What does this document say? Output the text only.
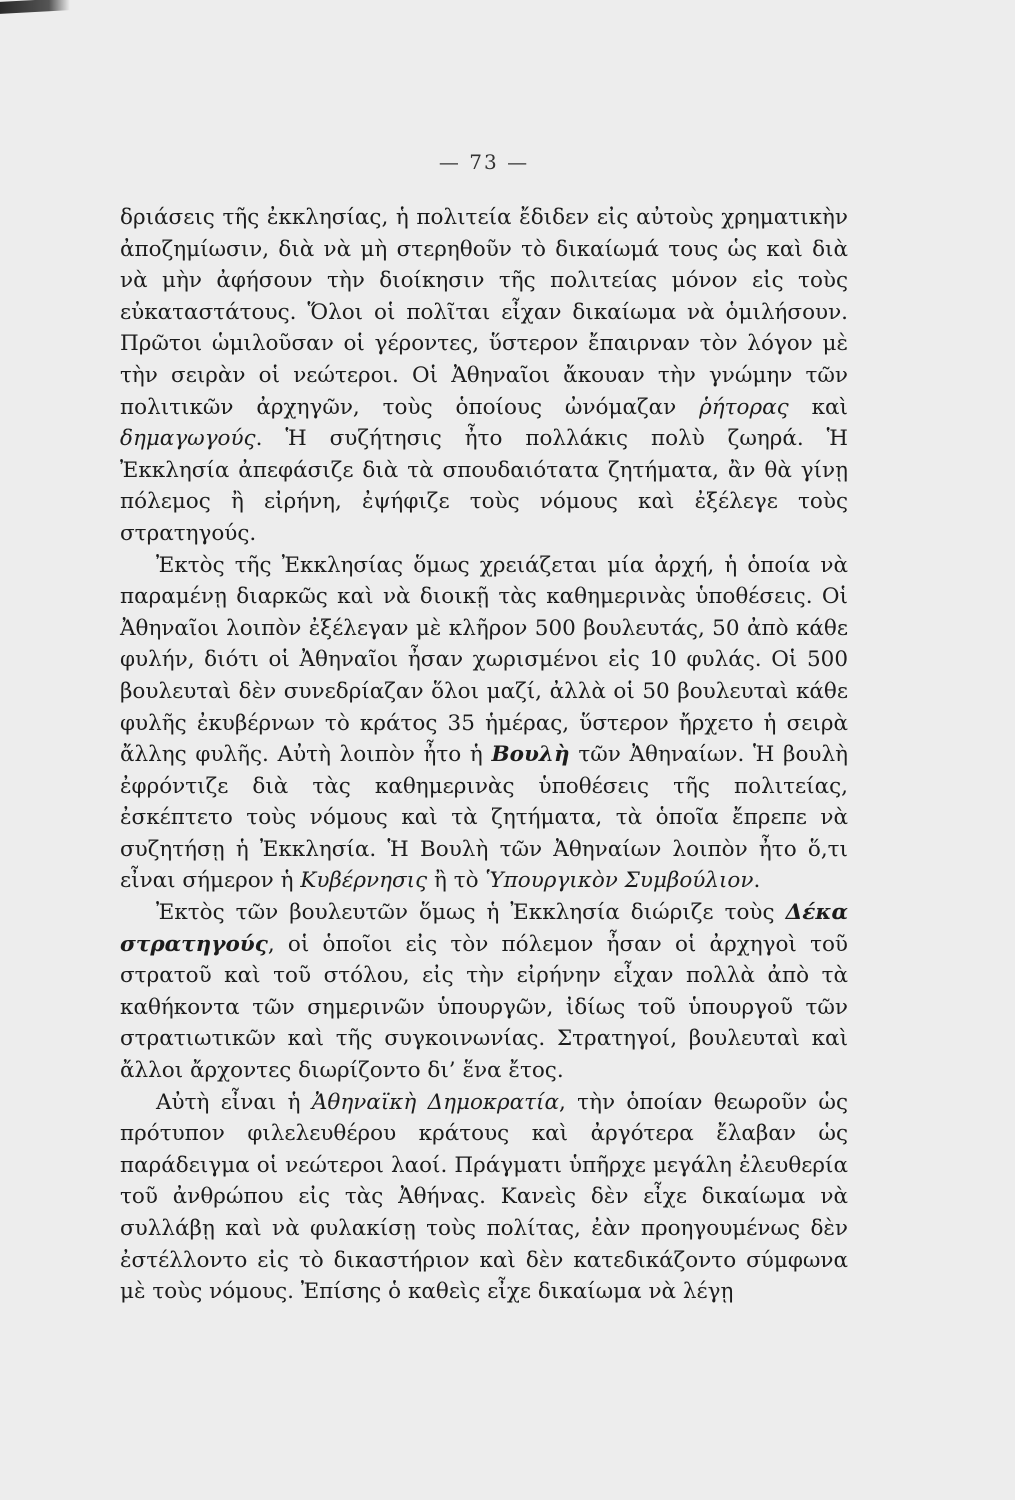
— 73 —

δριάσεις τῆς ἐκκλησίας, ἡ πολιτεία ἔδιδεν εἰς αὐτοὺς χρηματικὴν ἀποζημίωσιν, διὰ νὰ μὴ στερηθοῦν τὸ δικαίωμά τους ὡς καὶ διὰ νὰ μὴν ἀφήσουν τὴν διοίκησιν τῆς πολιτείας μόνον εἰς τοὺς εὐκαταστάτους. Ὅλοι οἱ πολῖται εἶχαν δικαίωμα νὰ ὁμιλήσουν. Πρῶτοι ὡμιλοῦσαν οἱ γέροντες, ὕστερον ἔπαιρναν τὸν λόγον μὲ τὴν σειρὰν οἱ νεώτεροι. Οἱ Ἀθηναῖοι ἄκουαν τὴν γνώμην τῶν πολιτικῶν ἀρχηγῶν, τοὺς ὁποίους ὠνόμαζαν ῥήτορας καὶ δημαγωγούς. Ἡ συζήτησις ἦτο πολλάκις πολὺ ζωηρά. Ἡ Ἐκκλησία ἀπεφάσιζε διὰ τὰ σπουδαιότατα ζητήματα, ἂν θὰ γίνῃ πόλεμος ἢ εἰρήνη, ἐψήφιζε τοὺς νόμους καὶ ἐξέλεγε τοὺς στρατηγούς.

Ἐκτὸς τῆς Ἐκκλησίας ὅμως χρειάζεται μία ἀρχή, ἡ ὁποία νὰ παραμένῃ διαρκῶς καὶ νὰ διοικῇ τὰς καθημερινὰς ὑποθέσεις. Οἱ Ἀθηναῖοι λοιπὸν ἐξέλεγαν μὲ κλῆρον 500 βουλευτάς, 50 ἀπὸ κάθε φυλήν, διότι οἱ Ἀθηναῖοι ἦσαν χωρισμένοι εἰς 10 φυλάς. Οἱ 500 βουλευταὶ δὲν συνεδρίαζαν ὅλοι μαζί, ἀλλὰ οἱ 50 βουλευταὶ κάθε φυλῆς ἐκυβέρνων τὸ κράτος 35 ἡμέρας, ὕστερον ἤρχετο ἡ σειρὰ ἄλλης φυλῆς. Αὐτὴ λοιπὸν ἦτο ἡ Βουλὴ τῶν Ἀθηναίων. Ἡ βουλὴ ἐφρόντιζε διὰ τὰς καθημερινὰς ὑποθέσεις τῆς πολιτείας, ἐσκέπτετο τοὺς νόμους καὶ τὰ ζητήματα, τὰ ὁποῖα ἔπρεπε νὰ συζητήσῃ ἡ Ἐκκλησία. Ἡ Βουλὴ τῶν Ἀθηναίων λοιπὸν ἦτο ὅ,τι εἶναι σήμερον ἡ Κυβέρνησις ἢ τὸ Ὑπουργικὸν Συμβούλιον.

Ἐκτὸς τῶν βουλευτῶν ὅμως ἡ Ἐκκλησία διώριζε τοὺς Δέκα στρατηγούς, οἱ ὁποῖοι εἰς τὸν πόλεμον ἦσαν οἱ ἀρχηγοὶ τοῦ στρατοῦ καὶ τοῦ στόλου, εἰς τὴν εἰρήνην εἶχαν πολλὰ ἀπὸ τὰ καθήκοντα τῶν σημερινῶν ὑπουργῶν, ἰδίως τοῦ ὑπουργοῦ τῶν στρατιωτικῶν καὶ τῆς συγκοινωνίας. Στρατηγοί, βουλευταὶ καὶ ἄλλοι ἄρχοντες διωρίζοντο δι’ ἕνα ἔτος.

Αὐτὴ εἶναι ἡ Ἀθηναϊκὴ Δημοκρατία, τὴν ὁποίαν θεωροῦν ὡς πρότυπον φιλελευθέρου κράτους καὶ ἀργότερα ἔλαβαν ὡς παράδειγμα οἱ νεώτεροι λαοί. Πράγματι ὑπῆρχε μεγάλη ἐλευθερία τοῦ ἀνθρώπου εἰς τὰς Ἀθήνας. Κανεὶς δὲν εἶχε δικαίωμα νὰ συλλάβῃ καὶ νὰ φυλακίσῃ τοὺς πολίτας, ἐὰν προηγουμένως δὲν ἐστέλλοντο εἰς τὸ δικαστήριον καὶ δὲν κατεδικάζοντο σύμφωνα μὲ τοὺς νόμους. Ἐπίσης ὁ καθεὶς εἶχε δικαίωμα νὰ λέγῃ
